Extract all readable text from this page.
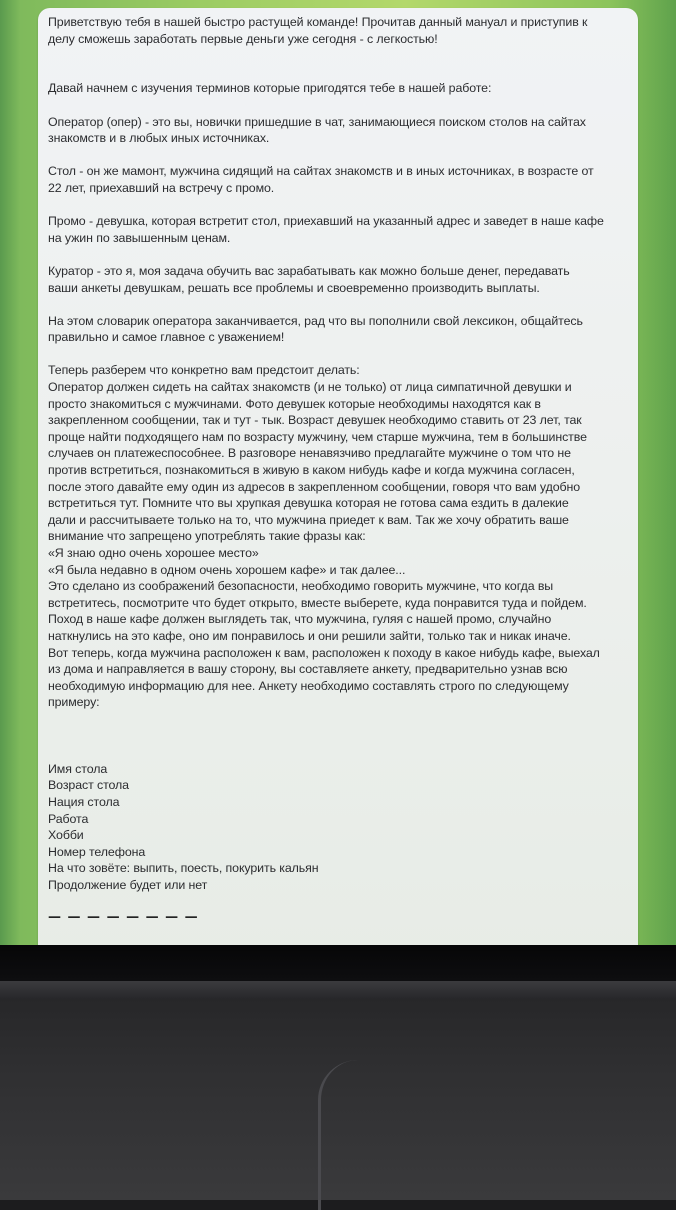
Приветствую тебя в нашей быстро растущей команде! Прочитав данный мануал и приступив к

делу сможешь заработать первые деньги уже сегодня - с легкостью!

Давай начнем с изучения терминов которые пригодятся тебе в нашей работе:

Оператор (опер) - это вы, новички пришедшие в чат, занимающиеся поиском столов на сайтах

знакомств и в любых иных источниках.

Стол - он же мамонт, мужчина сидящий на сайтах знакомств и в иных источниках, в возрасте от

22 лет, приехавший на встречу с промо.

Промо - девушка, которая встретит стол, приехавший на указанный адрес и заведет в наше кафе

на ужин по завышенным ценам.

Куратор - это я, моя задача обучить вас зарабатывать как можно больше денег, передавать

ваши анкеты девушкам, решать все проблемы и своевременно производить выплаты.

На этом словарик оператора заканчивается, рад что вы пополнили свой лексикон, общайтесь

правильно и самое главное с уважением!

Теперь разберем что конкретно вам предстоит делать:

Оператор должен сидеть на сайтах знакомств (и не только) от лица симпатичной девушки и

просто знакомиться с мужчинами. Фото девушек которые необходимы находятся как в

закрепленном сообщении, так и тут - тык. Возраст девушек необходимо ставить от 23 лет, так

проще найти подходящего нам по возрасту мужчину, чем старше мужчина, тем в большинстве

случаев он платежеспособнее. В разговоре ненавязчиво предлагайте мужчине о том что не

против встретиться, познакомиться в живую в каком нибудь кафе и когда мужчина согласен,

после этого давайте ему один из адресов в закрепленном сообщении, говоря что вам удобно

встретиться тут. Помните что вы хрупкая девушка которая не готова сама ездить в далекие

дали и рассчитываете только на то, что мужчина приедет к вам. Так же хочу обратить ваше

внимание что запрещено употреблять такие фразы как:

«Я знаю одно очень хорошее место»

«Я была недавно в одном очень хорошем кафе» и так далее...

Это сделано из соображений безопасности, необходимо говорить мужчине, что когда вы

встретитесь, посмотрите что будет открыто, вместе выберете, куда понравится туда и пойдем.

Поход в наше кафе должен выглядеть так, что мужчина, гуляя с нашей промо, случайно

наткнулись на это кафе, оно им понравилось и они решили зайти, только так и никак иначе.

Вот теперь, когда мужчина расположен к вам, расположен к походу в какое нибудь кафе, выехал

из дома и направляется в вашу сторону, вы составляете анкету, предварительно узнав всю

необходимую информацию для нее. Анкету необходимо составлять строго по следующему

примеру:

Имя стола

Возраст стола

Нация стола

Работа

Хобби

Номер телефона

На что зовёте: выпить, поесть, покурить кальян

Продолжение будет или нет

— — — — — — — —
